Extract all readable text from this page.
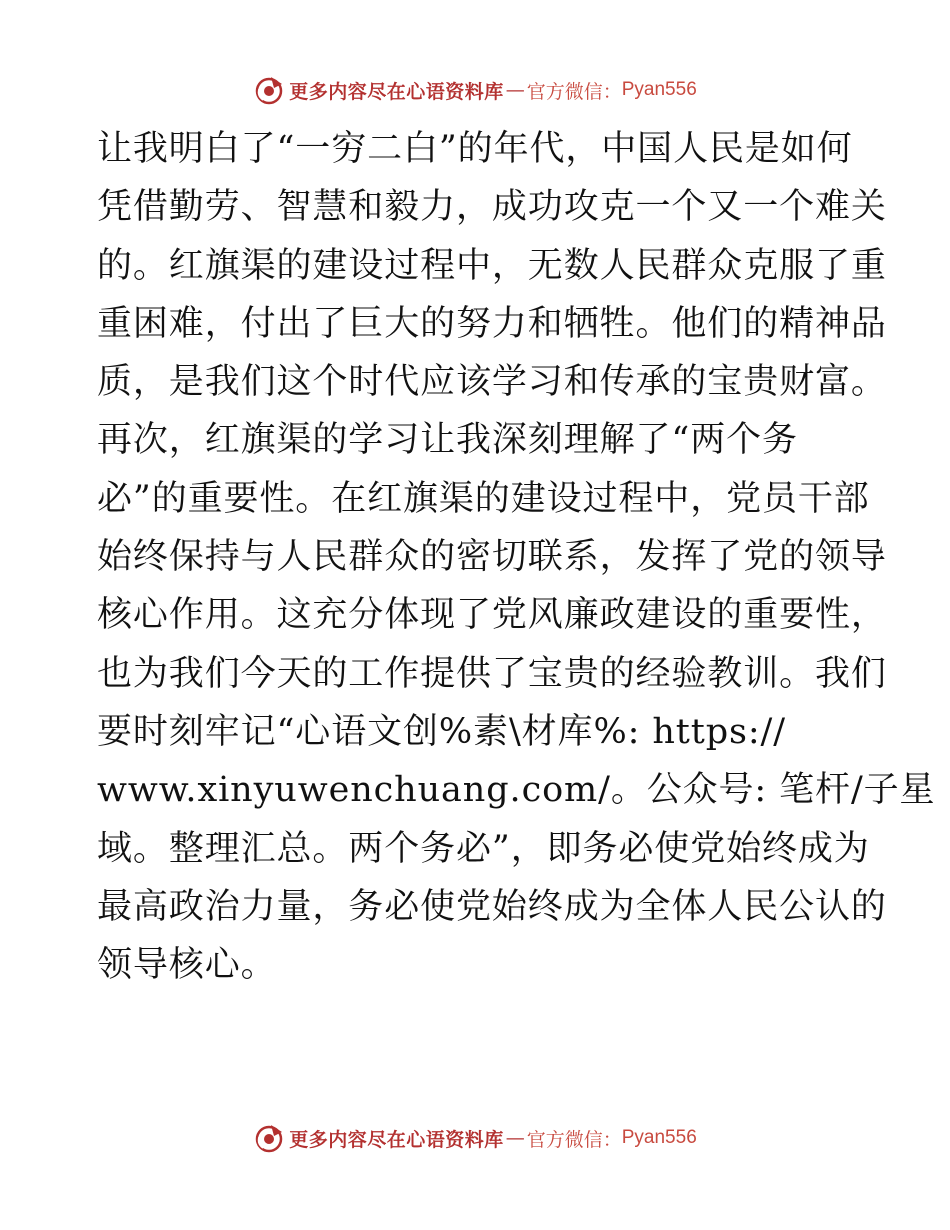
更多内容尽在心语资料库 — 官方微信： Pyan556
让我明白了“一穷二白”的年代，中国人民是如何
凭借勤劳、智慧和毅力，成功攻克一个又一个难关
的。红旗渠的建设过程中，无数人民群众克服了重
重困难，付出了巨大的努力和牺牲。他们的精神品
质，是我们这个时代应该学习和传承的宝贵财富。
再次，红旗渠的学习让我深刻理解了“两个务
必”的重要性。在红旗渠的建设过程中，党员干部
始终保持与人民群众的密切联系，发挥了党的领导
核心作用。这充分体现了党风廉政建设的重要性，
也为我们今天的工作提供了宝贵的经验教训。我们
要时刻牢记“心语文创%素\材库%: https://
www.xinyuwenchuang.com/。公众号: 笔杆/子星
域。整理汇总。两个务必”，即务必使党始终成为
最高政治力量，务必使党始终成为全体人民公认的
领导核心。
更多内容尽在心语资料库 — 官方微信： Pyan556
